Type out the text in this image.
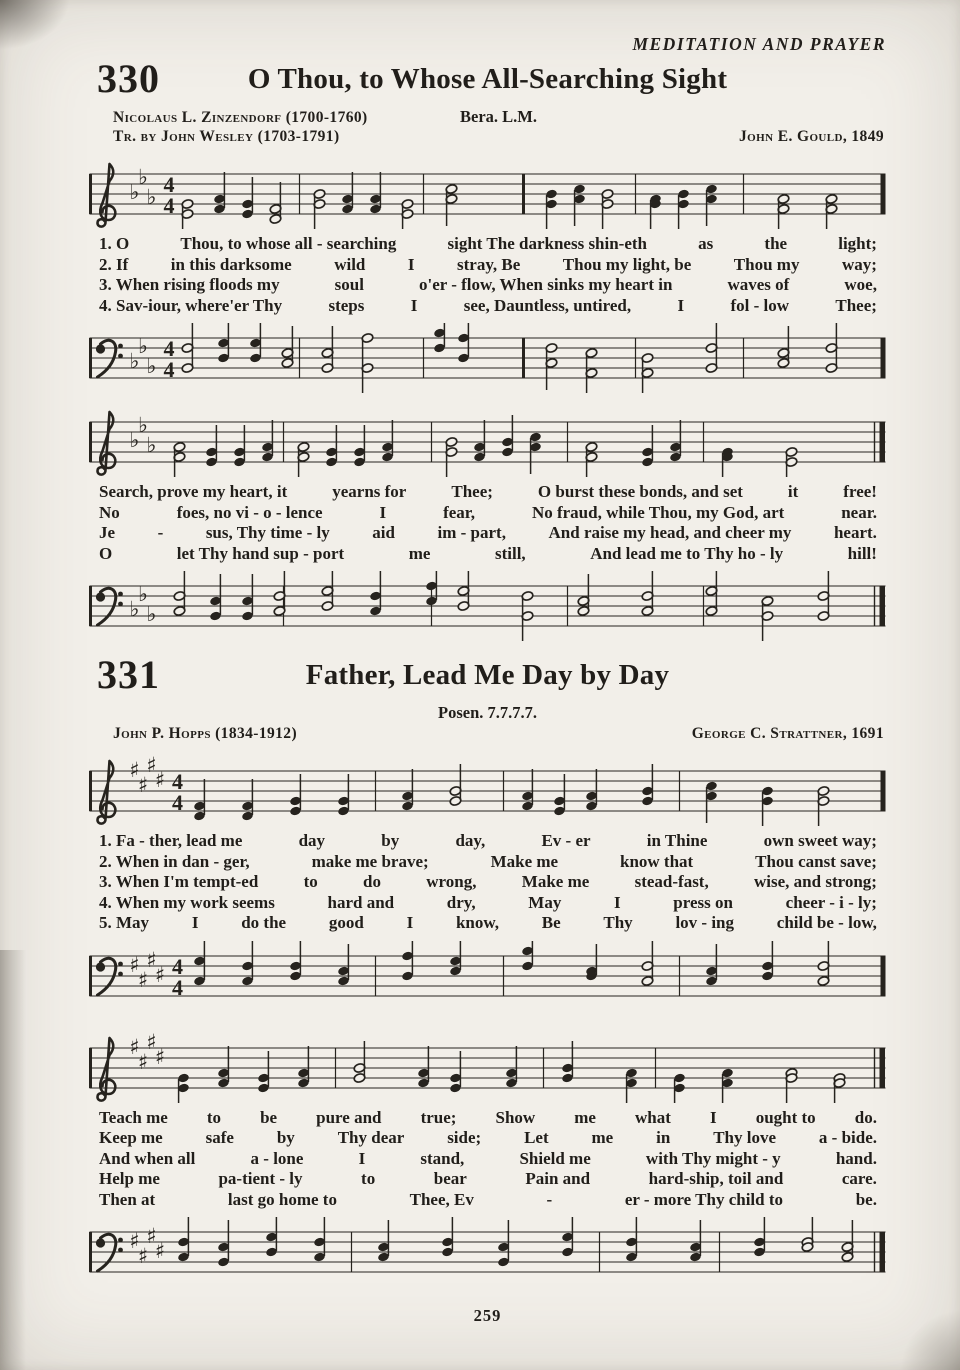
MEDITATION AND PRAYER
330	O Thou, to Whose All-Searching Sight
Nicolaus L. Zinzendorf (1700-1760)	Bera. L.M.
Tr. by John Wesley (1703-1791)	John E. Gould, 1849
♭
♭
♭ 4
4
1. O	Thou, to whose all - searching	sight The darkness shin-eth	as	the	light;
2. If	in this darksome	wild	I	stray, Be	Thou my light, be	Thou my	way;
3. When rising floods my	soul	o'er - flow, When sinks my heart in	waves of	woe,
4. Sav-iour, where'er Thy	steps	I	see, Dauntless, untired,	I	fol - low	Thee;
♭
♭
♭
4
4
♭
♭
♭
Search, prove my heart, it	yearns for	Thee;	O burst these bonds, and set	it	free!
No	foes, no vi - o - lence	I	fear,	No fraud, while Thou, my God, art	near.
Je	-	sus, Thy time - ly	aid	im - part,	And raise my head, and cheer my	heart.
O	let Thy hand sup - port	me	still,	And lead me to Thy ho - ly	hill!
♭
♭
♭
331	Father, Lead Me Day by Day
Posen. 7.7.7.7.
John P. Hopps (1834-1912)	George C. Strattner, 1691
♯
♯
♯
♯ 4
4
1. Fa - ther, lead me	day	by	day,	Ev - er	in Thine	own sweet way;
2. When in dan - ger,	make me brave;	Make me	know that	Thou canst save;
3. When I'm tempt-ed	to	do	wrong,	Make me	stead-fast,	wise, and strong;
4. When my work seems	hard and	dry,	May	I	press on	cheer - i - ly;
5. May	I	do the	good	I	know,	Be	Thy	lov - ing	child be - low,
♯
♯
♯
♯ 4
4
♯
♯
♯
♯
Teach me to be pure and true; Show me what I ought to do.
Keep me	safe	by	Thy dear	side;	Let	me	in	Thy love	a - bide.
And when all	a - lone	I	stand,	Shield me	with Thy might - y	hand.
Help me	pa-tient - ly	to	bear	Pain and	hard-ship, toil and	care.
Then at	last go home to	Thee, Ev	-	er - more Thy child to	be.
♯
♯
♯
♯
259
